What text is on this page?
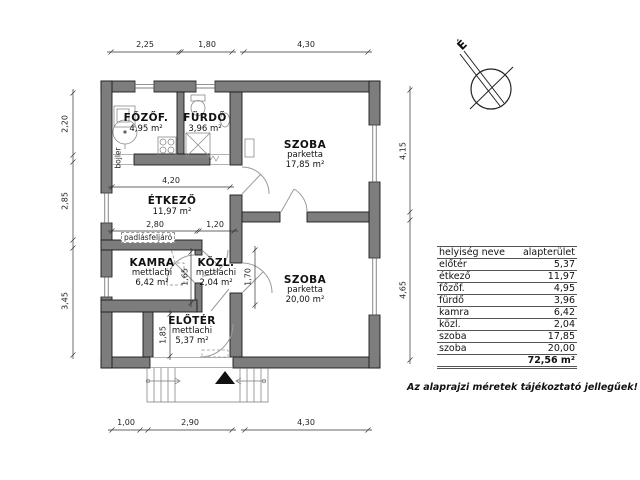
FŐZŐF.
4,95 m²
FÜRDŐ
3,96 m²
SZOBA
parketta
17,85 m²
ÉTKEZŐ
11,97 m²
KAMRA
mettlachi
6,42 m²
KÖZL.
mettlachi
2,04 m²	SZOBA
parketta
20,00 m²
ELŐTÉR
mettlachi
5,37 m²
2,25	1,80	4,30
1,00	2,90	4,30
2,20
2,85
3,45
4,15
4,65
4,20
2,80	1,20
1,65	1,70
1,85
bojler
padlásfeljáró
É
Az alaprajzi méretek tájékoztató jellegűek!
helyiség neve	alapterület
előtér	5,37
étkező	11,97
főzőf.	4,95
fürdő	3,96
kamra	6,42
közl.	2,04
szoba	17,85
szoba	20,00
	72,56 m²
